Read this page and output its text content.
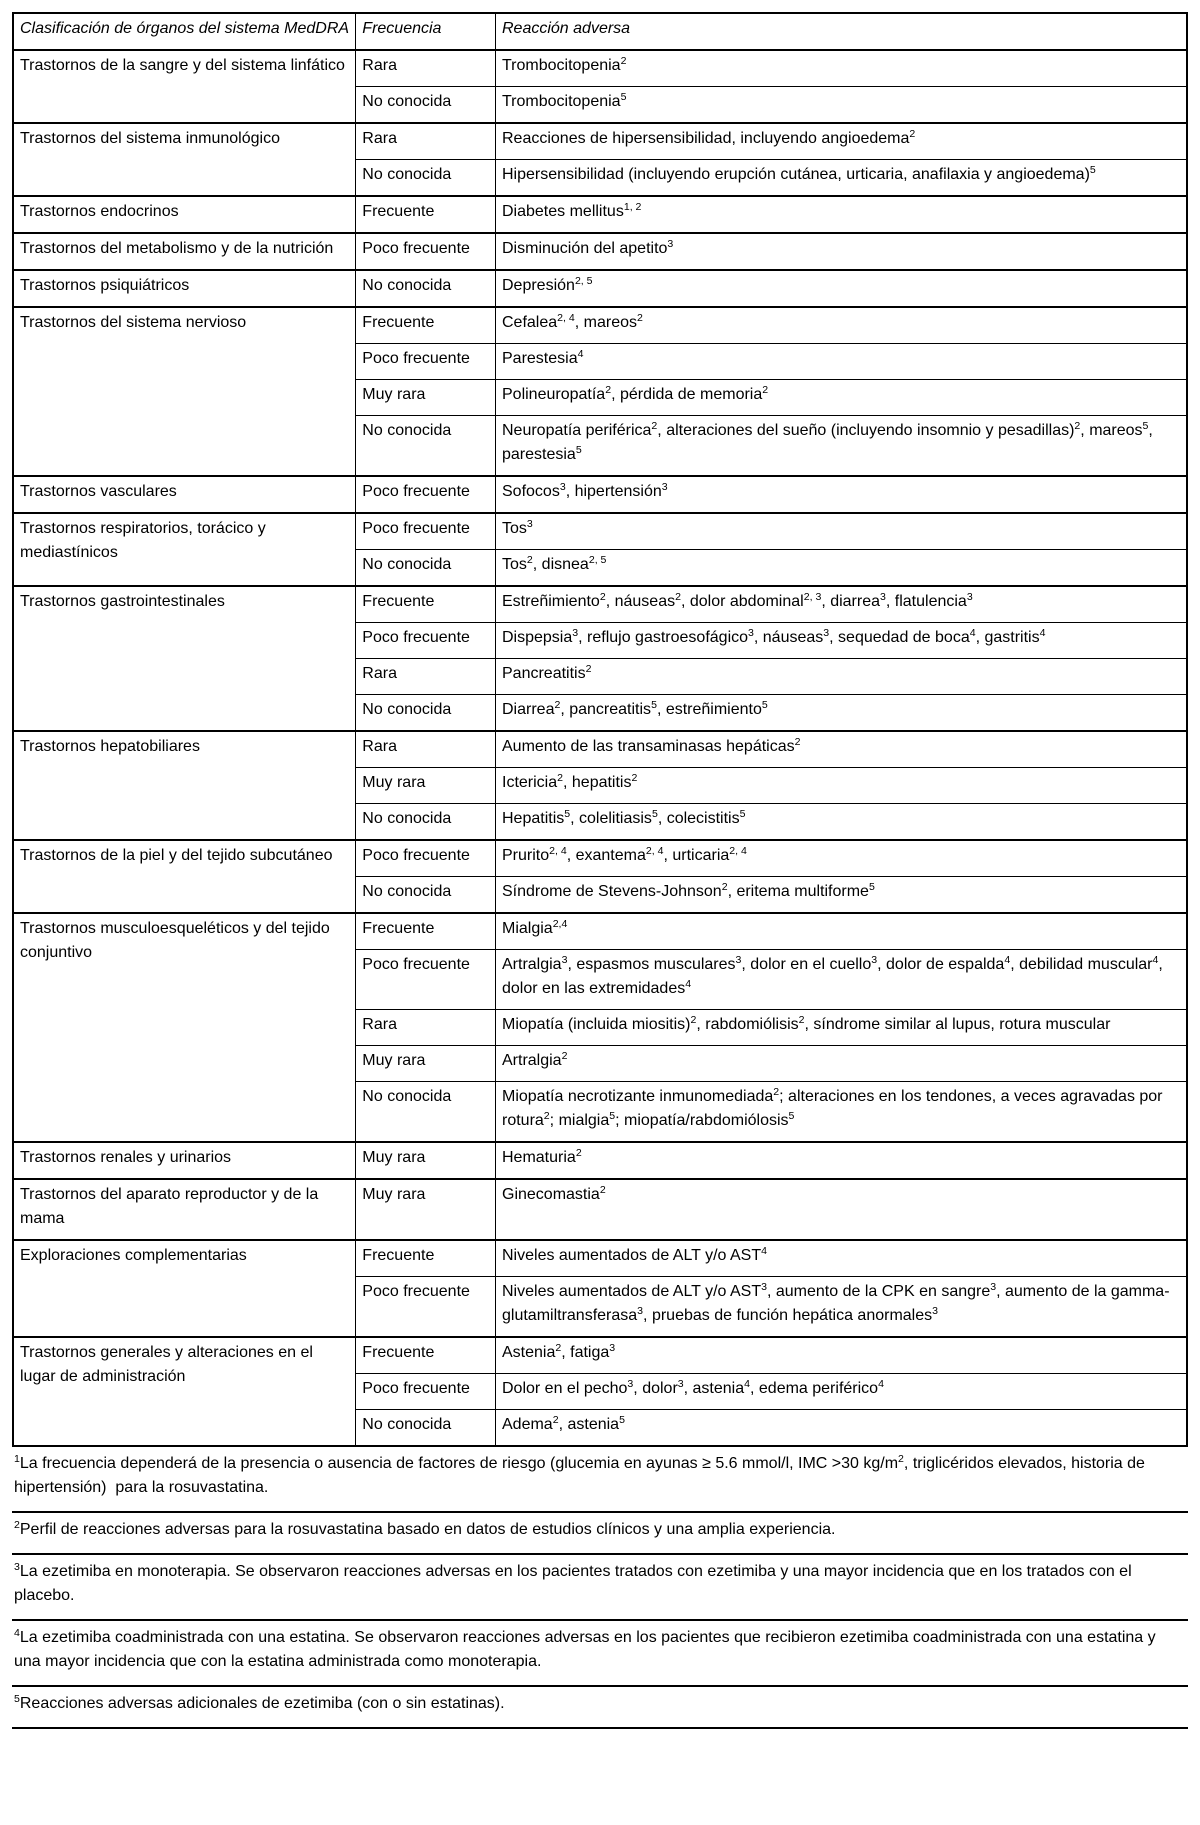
Clasificación de órganos del sistema MedDRA	Frecuencia	Reacción adversa
Trastornos de la sangre y del sistema linfático	Rara	Trombocitopenia$^2$
	No conocida	Trombocitopenia$^5$
Trastornos del sistema inmunológico	Rara	Reacciones de hipersensibilidad, incluyendo angioedema$^2$
	No conocida	Hipersensibilidad (incluyendo erupción cutánea, urticaria, anafilaxia y angioedema)$^5$
Trastornos endocrinos	Frecuente	Diabetes mellitus$^{1, 2}$
Trastornos del metabolismo y de la nutrición	Poco frecuente	Disminución del apetito$^3$
Trastornos psiquiátricos	No conocida	Depresión$^{2, 5}$
Trastornos del sistema nervioso	Frecuente	Cefalea$^{2, 4}$, mareos$^2$
	Poco frecuente	Parestesia$^4$
	Muy rara	Polineuropatía$^2$, pérdida de memoria$^2$
	No conocida	Neuropatía periférica$^2$, alteraciones del sueño (incluyendo insomnio y pesadillas)$^2$, mareos$^5$, parestesia$^5$
Trastornos vasculares	Poco frecuente	Sofocos$^3$, hipertensión$^3$
Trastornos respiratorios, torácico y mediastínicos	Poco frecuente	Tos$^3$
	No conocida	Tos$^2$, disnea$^{2, 5}$
Trastornos gastrointestinales	Frecuente	Estreñimiento$^2$, náuseas$^2$, dolor abdominal$^{2, 3}$, diarrea$^3$, flatulencia$^3$
	Poco frecuente	Dispepsia$^3$, reflujo gastroesofágico$^3$, náuseas$^3$, sequedad de boca$^4$, gastritis$^4$
	Rara	Pancreatitis$^2$
	No conocida	Diarrea$^2$, pancreatitis$^5$, estreñimiento$^5$
Trastornos hepatobiliares	Rara	Aumento de las transaminasas hepáticas$^2$
	Muy rara	Ictericia$^2$, hepatitis$^2$
	No conocida	Hepatitis$^5$, colelitiasis$^5$, colecistitis$^5$
Trastornos de la piel y del tejido subcutáneo	Poco frecuente	Prurito$^{2, 4}$, exantema$^{2, 4}$, urticaria$^{2, 4}$
	No conocida	Síndrome de Stevens-Johnson$^2$, eritema multiforme$^5$
Trastornos musculoesqueléticos y del tejido conjuntivo	Frecuente	Mialgia$^{2,4}$
	Poco frecuente	Artralgia$^3$, espasmos musculares$^3$, dolor en el cuello$^3$, dolor de espalda$^4$, debilidad muscular$^4$, dolor en las extremidades$^4$
	Rara	Miopatía (incluida miositis)$^2$, rabdomiólisis$^2$, síndrome similar al lupus, rotura muscular
	Muy rara	Artralgia$^2$
	No conocida	Miopatía necrotizante inmunomediada$^2$; alteraciones en los tendones, a veces agravadas por rotura$^2$; mialgia$^5$; miopatía/rabdomiólosis$^5$
Trastornos renales y urinarios	Muy rara	Hematuria$^2$
Trastornos del aparato reproductor y de la mama	Muy rara	Ginecomastia$^2$
Exploraciones complementarias	Frecuente	Niveles aumentados de ALT y/o AST$^4$
	Poco frecuente	Niveles aumentados de ALT y/o AST$^3$, aumento de la CPK en sangre$^3$, aumento de la gamma-glutamiltransferasa$^3$, pruebas de función hepática anormales$^3$
Trastornos generales y alteraciones en el lugar de administración	Frecuente	Astenia$^2$, fatiga$^3$
	Poco frecuente	Dolor en el pecho$^3$, dolor$^3$, astenia$^4$, edema periférico$^4$
	No conocida	Adema$^2$, astenia$^5$
$^1$La frecuencia dependerá de la presencia o ausencia de factores de riesgo (glucemia en ayunas ≥ 5.6 mmol/l, IMC >30 $kg/m^2$, triglicéridos elevados, historia de hipertensión)  para la rosuvastatina.
$^2$Perfil de reacciones adversas para la rosuvastatina basado en datos de estudios clínicos y una amplia experiencia.
$^3$La ezetimiba en monoterapia. Se observaron reacciones adversas en los pacientes tratados con ezetimiba y una mayor incidencia que en los tratados con el placebo.
$^4$La ezetimiba coadministrada con una estatina. Se observaron reacciones adversas en los pacientes que recibieron ezetimiba coadministrada con una estatina y una mayor incidencia que con la estatina administrada como monoterapia.
$^5$Reacciones adversas adicionales de ezetimiba (con o sin estatinas).
